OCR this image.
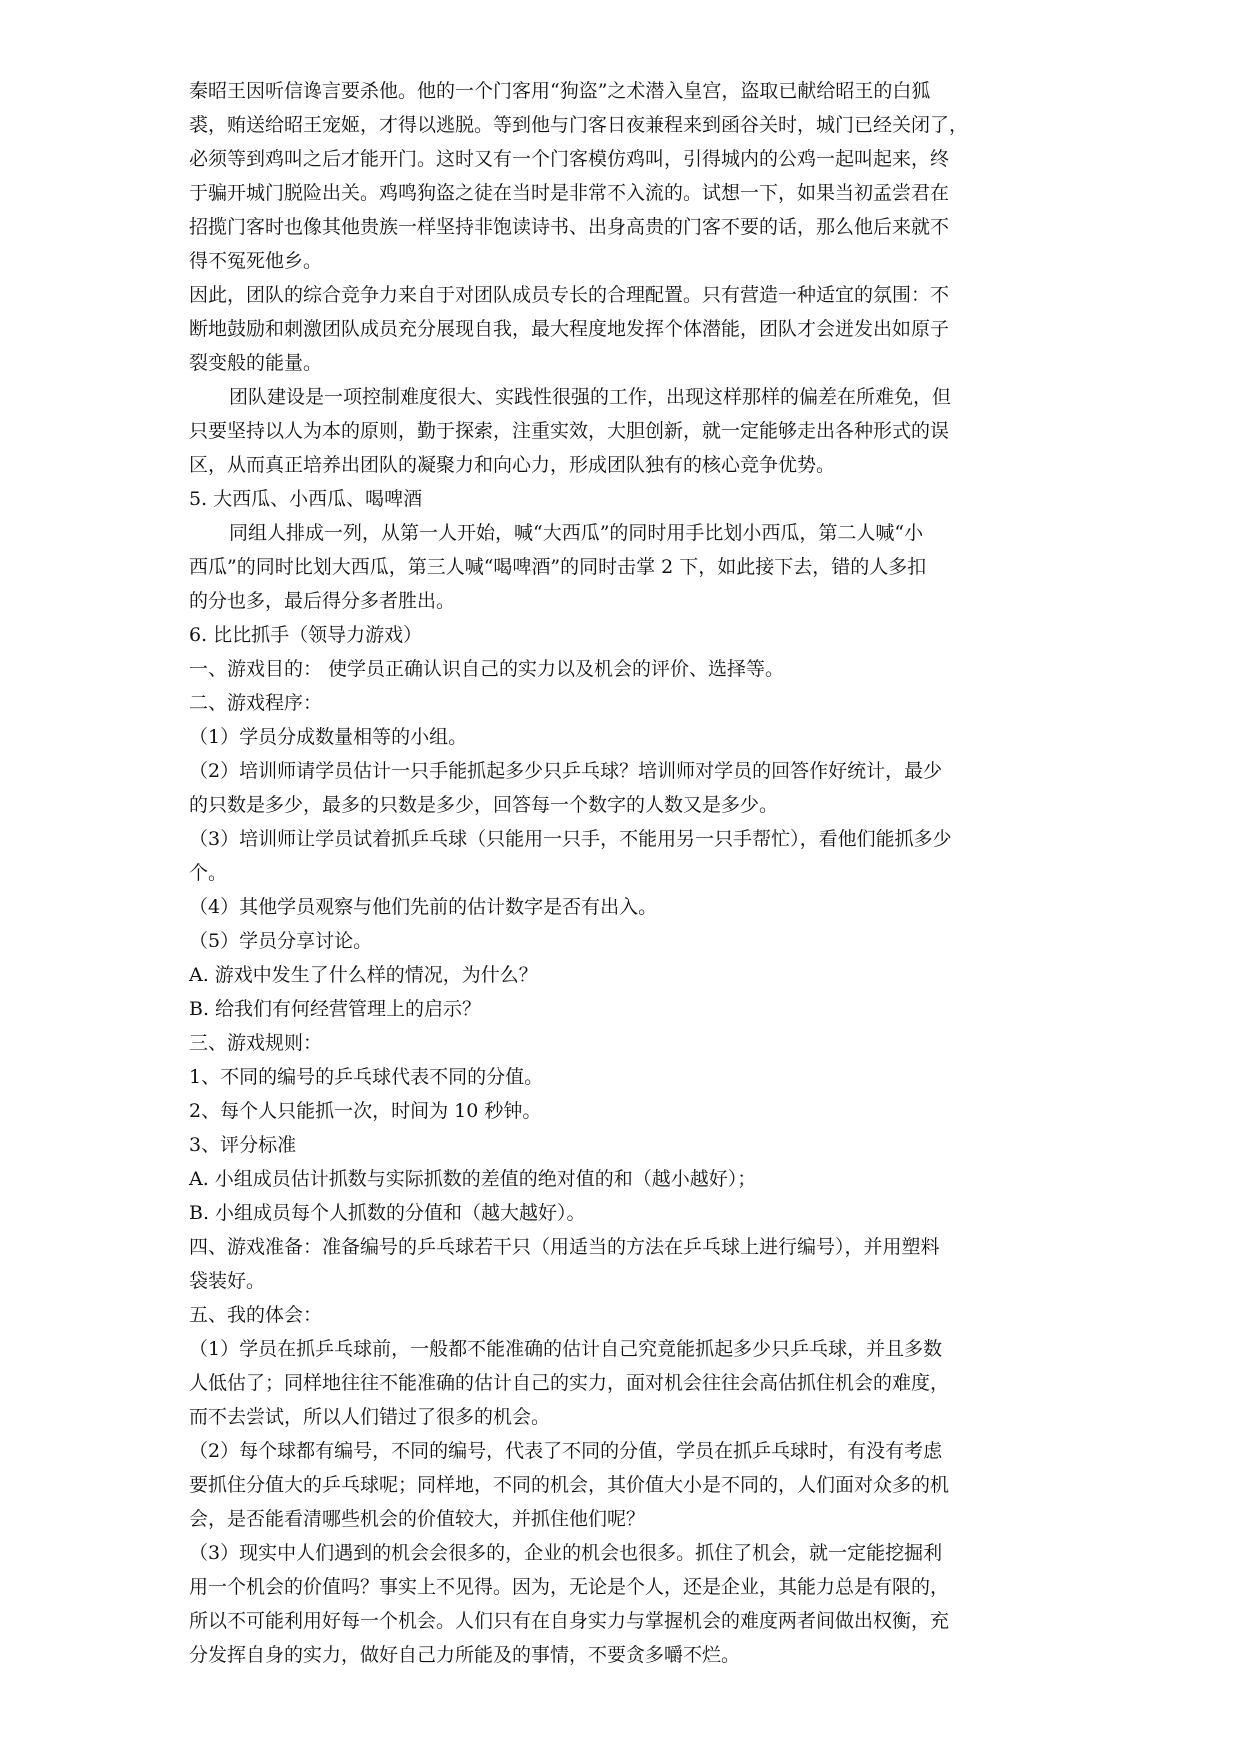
秦昭王因听信谗言要杀他。他的一个门客用“狗盗”之术潜入皇宫，盗取已献给昭王的白狐

裘，贿送给昭王宠姬，才得以逃脱。等到他与门客日夜兼程来到函谷关时，城门已经关闭了，

必须等到鸡叫之后才能开门。这时又有一个门客模仿鸡叫，引得城内的公鸡一起叫起来，终

于骗开城门脱险出关。鸡鸣狗盗之徒在当时是非常不入流的。试想一下，如果当初孟尝君在

招揽门客时也像其他贵族一样坚持非饱读诗书、出身高贵的门客不要的话，那么他后来就不

得不冤死他乡。

因此，团队的综合竞争力来自于对团队成员专长的合理配置。只有营造一种适宜的氛围：不

断地鼓励和刺激团队成员充分展现自我，最大程度地发挥个体潜能，团队才会迸发出如原子

裂变般的能量。

团队建设是一项控制难度很大、实践性很强的工作，出现这样那样的偏差在所难免，但

只要坚持以人为本的原则，勤于探索，注重实效，大胆创新，就一定能够走出各种形式的误

区，从而真正培养出团队的凝聚力和向心力，形成团队独有的核心竞争优势。

5. 大西瓜、小西瓜、喝啤酒

同组人排成一列，从第一人开始，喊“大西瓜”的同时用手比划小西瓜，第二人喊“小

西瓜”的同时比划大西瓜，第三人喊“喝啤酒”的同时击掌 2 下，如此接下去，错的人多扣

的分也多，最后得分多者胜出。

6. 比比抓手（领导力游戏）

一、游戏目的： 使学员正确认识自己的实力以及机会的评价、选择等。

二、游戏程序：

（1）学员分成数量相等的小组。

（2）培训师请学员估计一只手能抓起多少只乒乓球？培训师对学员的回答作好统计，最少

的只数是多少，最多的只数是多少，回答每一个数字的人数又是多少。

（3）培训师让学员试着抓乒乓球（只能用一只手，不能用另一只手帮忙），看他们能抓多少

个。

（4）其他学员观察与他们先前的估计数字是否有出入。

（5）学员分享讨论。

A. 游戏中发生了什么样的情况，为什么？

B. 给我们有何经营管理上的启示？

三、游戏规则：

1、不同的编号的乒乓球代表不同的分值。

2、每个人只能抓一次，时间为 10 秒钟。

3、评分标准

A. 小组成员估计抓数与实际抓数的差值的绝对值的和（越小越好）；

B. 小组成员每个人抓数的分值和（越大越好）。

四、游戏准备：准备编号的乒乓球若干只（用适当的方法在乒乓球上进行编号），并用塑料

袋装好。

五、我的体会：

（1）学员在抓乒乓球前，一般都不能准确的估计自己究竟能抓起多少只乒乓球，并且多数

人低估了；同样地往往不能准确的估计自己的实力，面对机会往往会高估抓住机会的难度，

而不去尝试，所以人们错过了很多的机会。

（2）每个球都有编号，不同的编号，代表了不同的分值，学员在抓乒乓球时，有没有考虑

要抓住分值大的乒乓球呢；同样地，不同的机会，其价值大小是不同的，人们面对众多的机

会，是否能看清哪些机会的价值较大，并抓住他们呢？

（3）现实中人们遇到的机会会很多的，企业的机会也很多。抓住了机会，就一定能挖掘利

用一个机会的价值吗？事实上不见得。因为，无论是个人，还是企业，其能力总是有限的，

所以不可能利用好每一个机会。人们只有在自身实力与掌握机会的难度两者间做出权衡，充

分发挥自身的实力，做好自己力所能及的事情，不要贪多嚼不烂。
